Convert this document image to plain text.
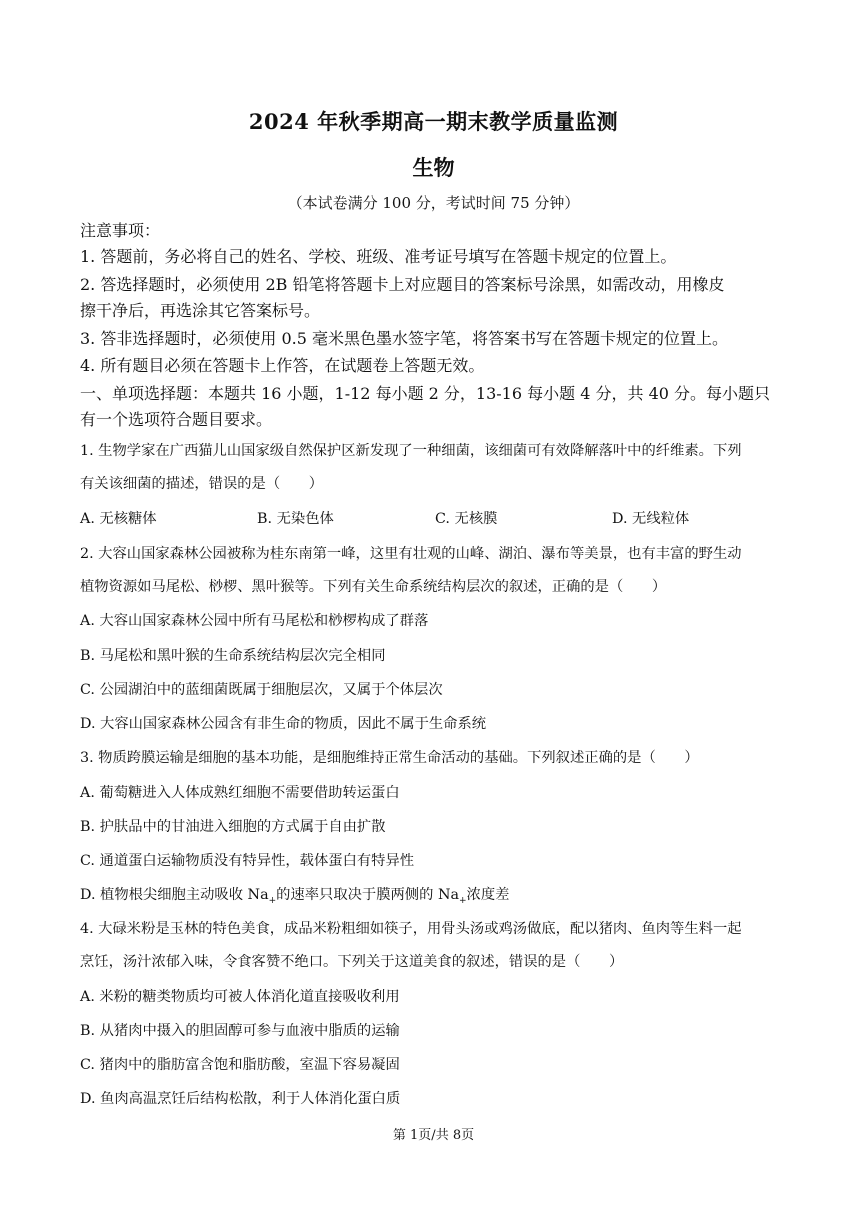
2024 年秋季期高一期末教学质量监测
生物
（本试卷满分 100 分，考试时间 75 分钟）
注意事项：
1. 答题前，务必将自己的姓名、学校、班级、准考证号填写在答题卡规定的位置上。
2. 答选择题时，必须使用 2B 铅笔将答题卡上对应题目的答案标号涂黑，如需改动，用橡皮
擦干净后，再选涂其它答案标号。
3. 答非选择题时，必须使用 0.5 毫米黑色墨水签字笔，将答案书写在答题卡规定的位置上。
4. 所有题目必须在答题卡上作答，在试题卷上答题无效。
一、单项选择题：本题共 16 小题，1-12 每小题 2 分，13-16 每小题 4 分，共 40 分。每小题只
有一个选项符合题目要求。
1. 生物学家在广西猫儿山国家级自然保护区新发现了一种细菌，该细菌可有效降解落叶中的纤维素。下列
有关该细菌的描述，错误的是（　　）
A. 无核糖体	B. 无染色体	C. 无核膜	D. 无线粒体
2. 大容山国家森林公园被称为桂东南第一峰，这里有壮观的山峰、湖泊、瀑布等美景，也有丰富的野生动
植物资源如马尾松、桫椤、黑叶猴等。下列有关生命系统结构层次的叙述，正确的是（　　）
A. 大容山国家森林公园中所有马尾松和桫椤构成了群落
B. 马尾松和黑叶猴的生命系统结构层次完全相同
C. 公园湖泊中的蓝细菌既属于细胞层次，又属于个体层次
D. 大容山国家森林公园含有非生命的物质，因此不属于生命系统
3. 物质跨膜运输是细胞的基本功能，是细胞维持正常生命活动的基础。下列叙述正确的是（　　）
A. 葡萄糖进入人体成熟红细胞不需要借助转运蛋白
B. 护肤品中的甘油进入细胞的方式属于自由扩散
C. 通道蛋白运输物质没有特异性，载体蛋白有特异性
D. 植物根尖细胞主动吸收 $Na_+$的速率只取决于膜两侧的 $Na_+$浓度差
4. 大碌米粉是玉林的特色美食，成品米粉粗细如筷子，用骨头汤或鸡汤做底，配以猪肉、鱼肉等生料一起
烹饪，汤汁浓郁入味，令食客赞不绝口。下列关于这道美食的叙述，错误的是（　　）
A. 米粉的糖类物质均可被人体消化道直接吸收利用
B. 从猪肉中摄入的胆固醇可参与血液中脂质的运输
C. 猪肉中的脂肪富含饱和脂肪酸，室温下容易凝固
D. 鱼肉高温烹饪后结构松散，利于人体消化蛋白质
第 1页/共 8页
